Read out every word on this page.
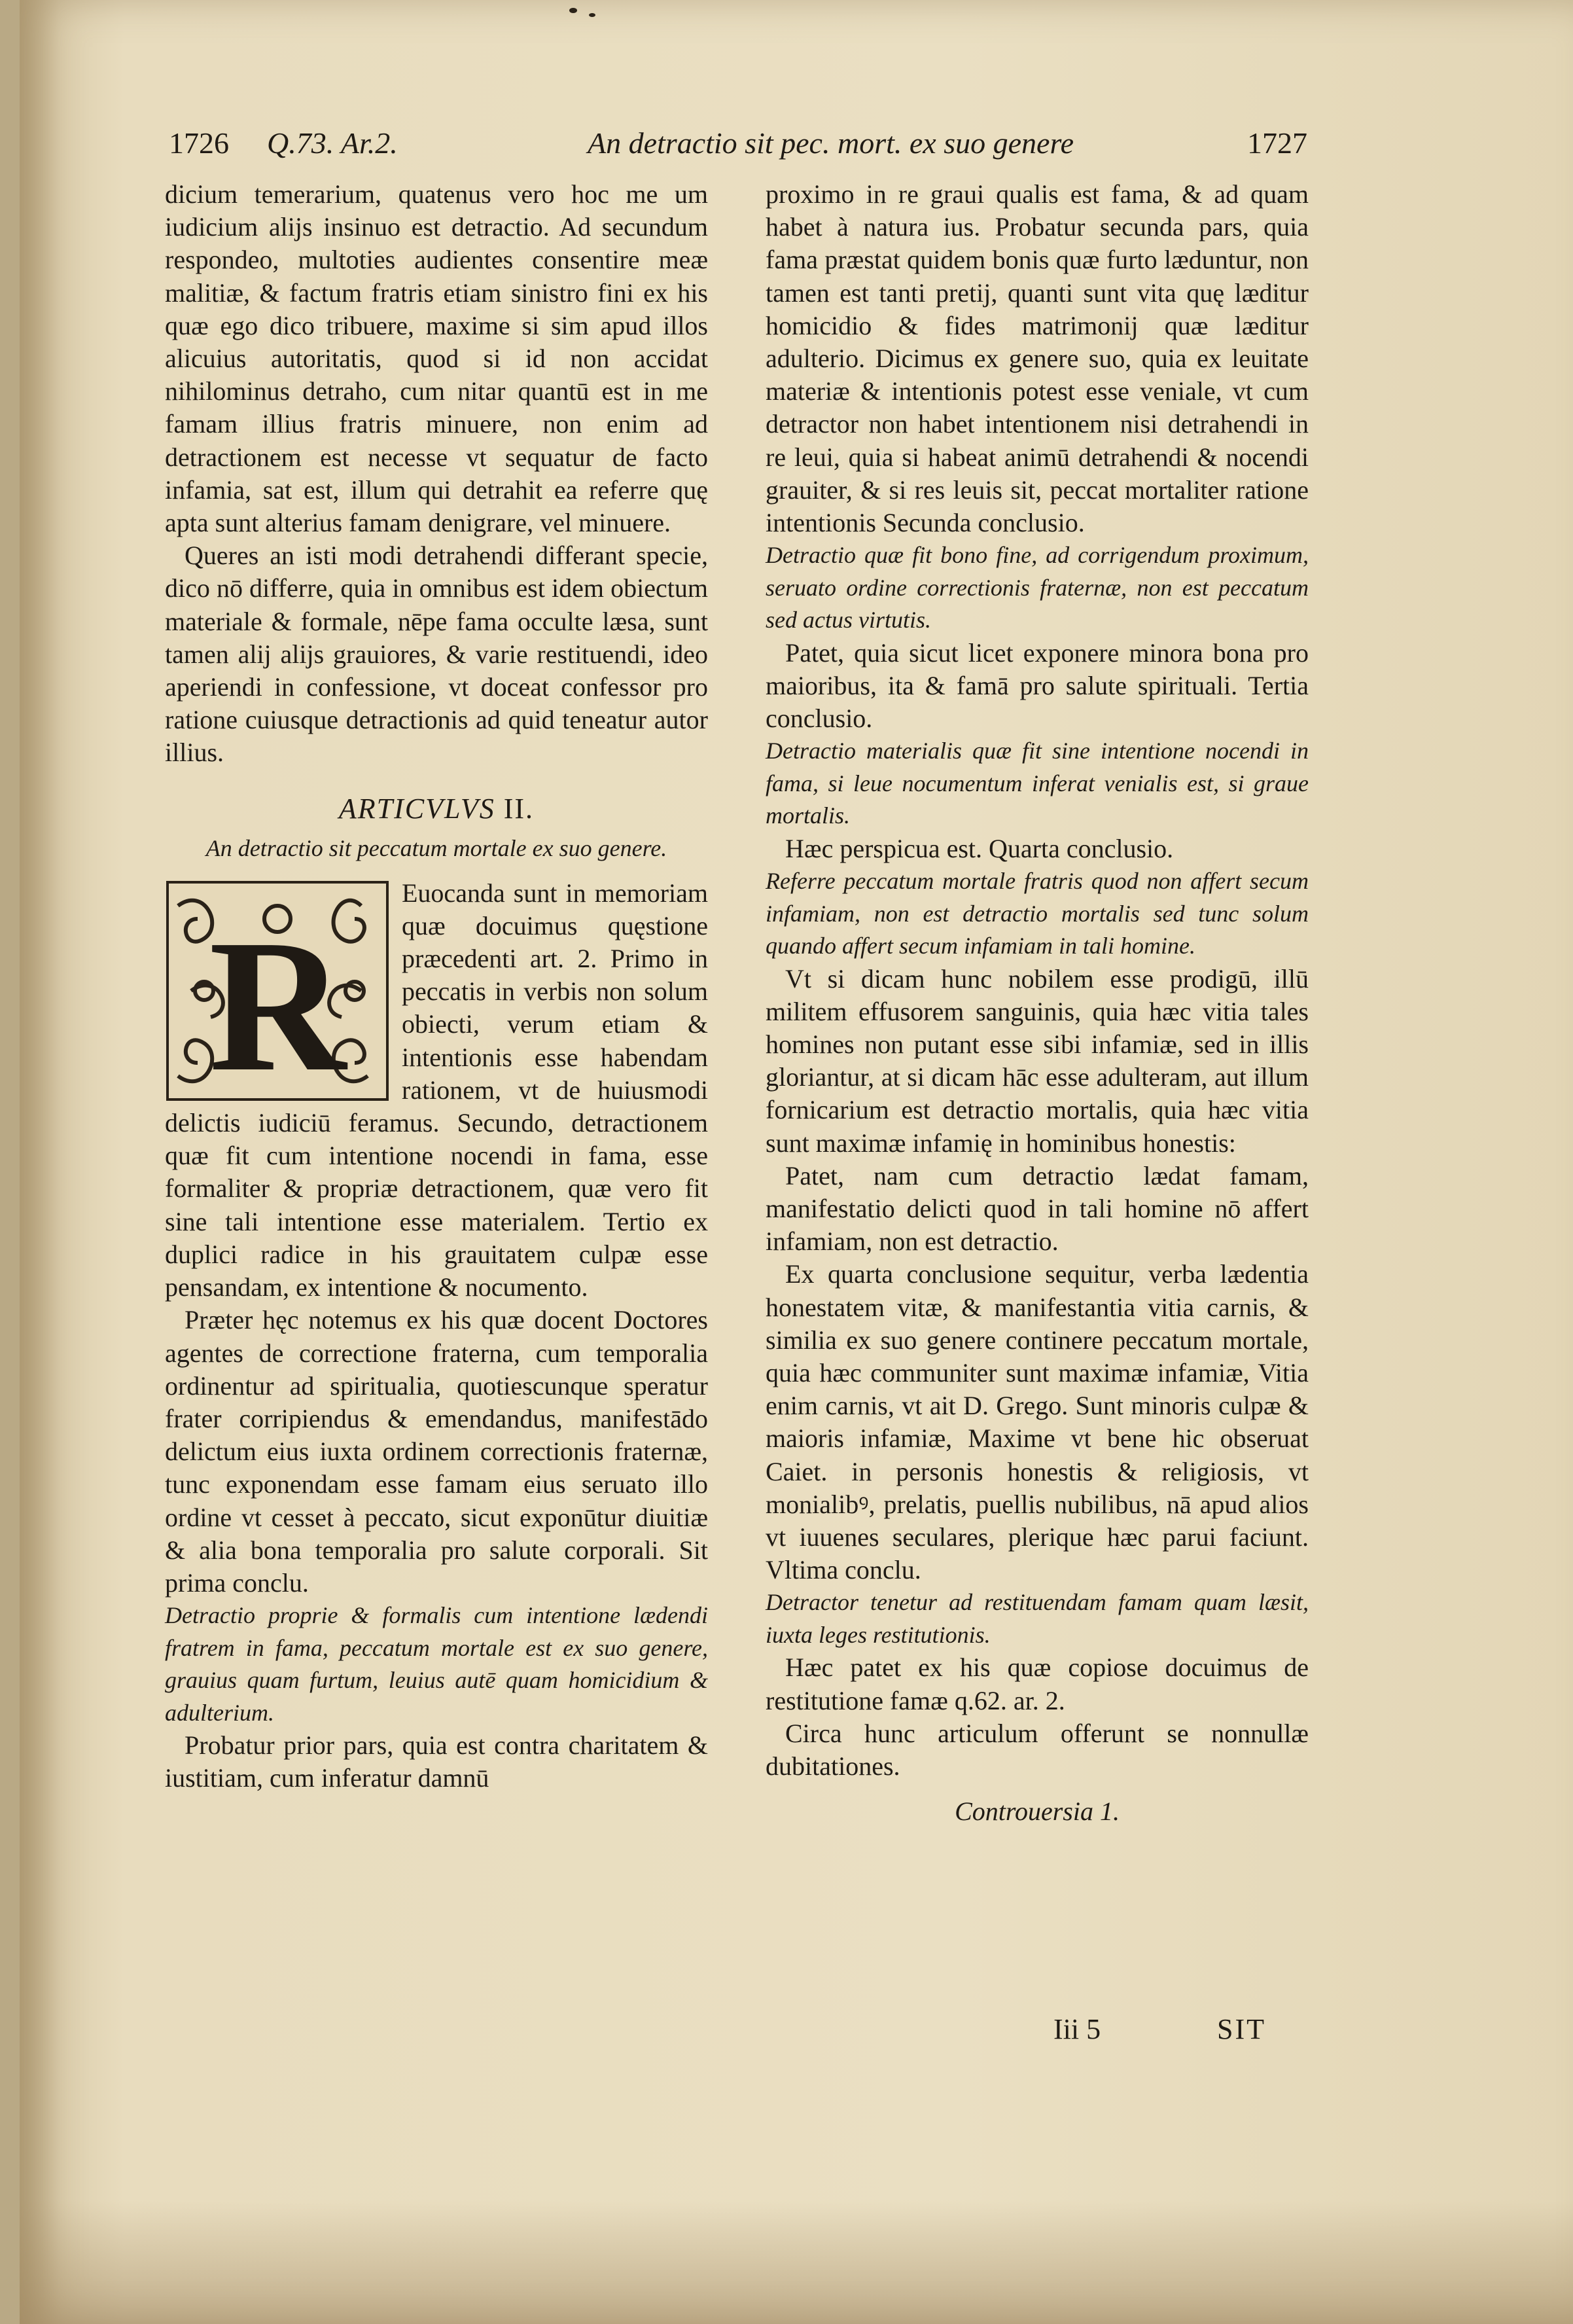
1726 Q.73. Ar.2.	An detractio sit pec. mort. ex suo genere	1727

dicium temerarium, quatenus vero hoc me um iudicium alijs insinuo est detractio. Ad secundum respondeo, multoties audientes consentire meæ malitiæ, & factum fratris etiam sinistro fini ex his quæ ego dico tribuere, maxime si sim apud illos alicuius autoritatis, quod si id non accidat nihilominus detraho, cum nitar quantū est in me famam illius fratris minuere, non enim ad detractionem est necesse vt sequatur de facto infamia, sat est, illum qui detrahit ea referre quę apta sunt alterius famam denigrare, vel minuere.

Queres an isti modi detrahendi differant specie, dico nō differre, quia in omnibus est idem obiectum materiale & formale, nēpe fama occulte læsa, sunt tamen alij alijs grauiores, & varie restituendi, ideo aperiendi in confessione, vt doceat confessor pro ratione cuiusque detractionis ad quid teneatur autor illius.

ARTICVLVS II.

An detractio sit peccatum mortale ex suo genere.

R

Euocanda sunt in memoriam quæ docuimus quęstione præcedenti art. 2. Primo in peccatis in verbis non solum obiecti, verum etiam & intentionis esse habendam rationem, vt de huiusmodi delictis iudiciū feramus. Secundo, detractionem quæ fit cum intentione nocendi in fama, esse formaliter & propriæ detractionem, quæ vero fit sine tali intentione esse materialem. Tertio ex duplici radice in his grauitatem culpæ esse pensandam, ex intentione & nocumento.

Præter hęc notemus ex his quæ docent Doctores agentes de correctione fraterna, cum temporalia ordinentur ad spiritualia, quotiescunque speratur frater corripiendus & emendandus, manifestādo delictum eius iuxta ordinem correctionis fraternæ, tunc exponendam esse famam eius seruato illo ordine vt cesset à peccato, sicut exponūtur diuitiæ & alia bona temporalia pro salute corporali. Sit prima conclu.

Detractio proprie & formalis cum intentione lædendi fratrem in fama, peccatum mortale est ex suo genere, grauius quam furtum, leuius autē quam homicidium & adulterium.

Probatur prior pars, quia est contra charitatem & iustitiam, cum inferatur damnū

proximo in re graui qualis est fama, & ad quam habet à natura ius. Probatur secunda pars, quia fama præstat quidem bonis quæ furto læduntur, non tamen est tanti pretij, quanti sunt vita quę læditur homicidio & fides matrimonij quæ læditur adulterio. Dicimus ex genere suo, quia ex leuitate materiæ & intentionis potest esse veniale, vt cum detractor non habet intentionem nisi detrahendi in re leui, quia si habeat animū detrahendi & nocendi grauiter, & si res leuis sit, peccat mortaliter ratione intentionis Secunda conclusio.

Detractio quæ fit bono fine, ad corrigendum proximum, seruato ordine correctionis fraternæ, non est peccatum sed actus virtutis.

Patet, quia sicut licet exponere minora bona pro maioribus, ita & famā pro salute spirituali. Tertia conclusio.

Detractio materialis quæ fit sine intentione nocendi in fama, si leue nocumentum inferat venialis est, si graue mortalis.

Hæc perspicua est. Quarta conclusio.

Referre peccatum mortale fratris quod non affert secum infamiam, non est detractio mortalis sed tunc solum quando affert secum infamiam in tali homine.

Vt si dicam hunc nobilem esse prodigū, illū militem effusorem sanguinis, quia hæc vitia tales homines non putant esse sibi infamiæ, sed in illis gloriantur, at si dicam hāc esse adulteram, aut illum fornicarium est detractio mortalis, quia hæc vitia sunt maximæ infamię in hominibus honestis:

Patet, nam cum detractio lædat famam, manifestatio delicti quod in tali homine nō affert infamiam, non est detractio.

Ex quarta conclusione sequitur, verba lædentia honestatem vitæ, & manifestantia vitia carnis, & similia ex suo genere continere peccatum mortale, quia hæc communiter sunt maximæ infamiæ, Vitia enim carnis, vt ait D. Grego. Sunt minoris culpæ & maioris infamiæ, Maxime vt bene hic obseruat Caiet. in personis honestis & religiosis, vt monialibꝰ, prelatis, puellis nubilibus, nā apud alios vt iuuenes seculares, plerique hæc parui faciunt. Vltima conclu.

Detractor tenetur ad restituendam famam quam læsit, iuxta leges restitutionis.

Hæc patet ex his quæ copiose docuimus de restitutione famæ q.62. ar. 2.

Circa hunc articulum offerunt se nonnullæ dubitationes.

Controuersia 1.

Iii 5	SIT
